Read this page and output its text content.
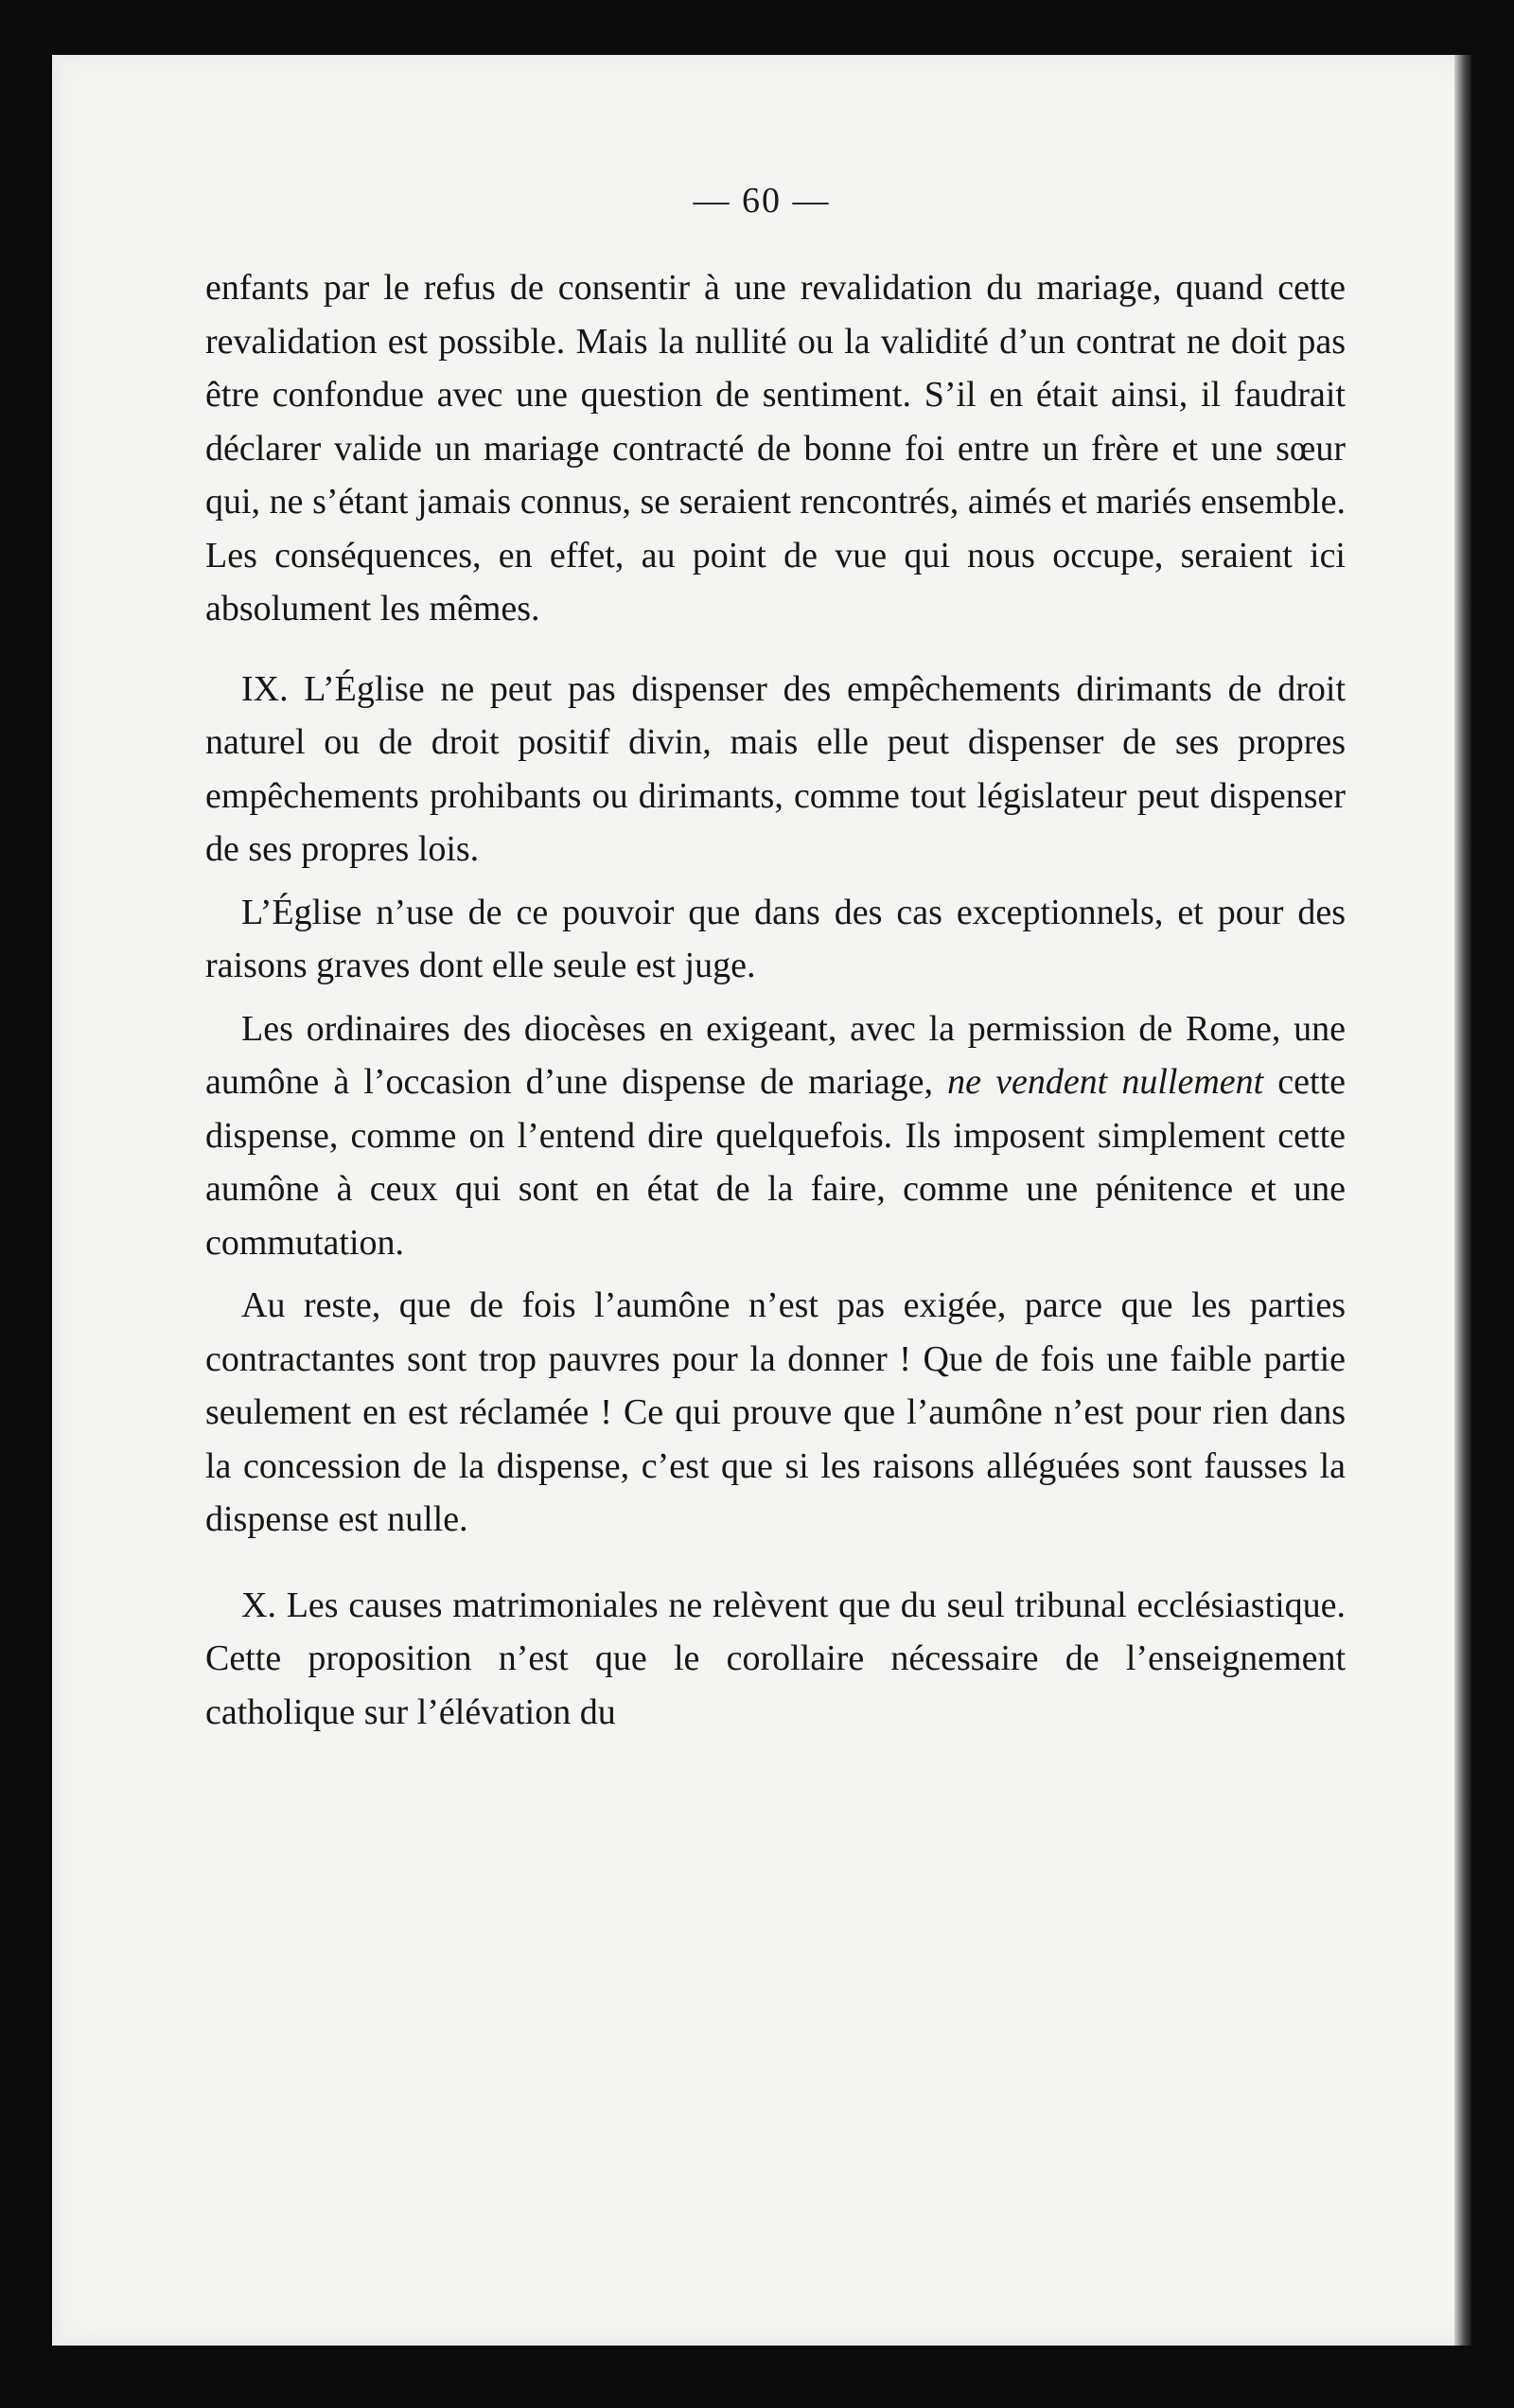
— 60 —

enfants par le refus de consentir à une revalidation du mariage, quand cette revalidation est possible. Mais la nullité ou la validité d’un contrat ne doit pas être confondue avec une question de sentiment. S’il en était ainsi, il faudrait déclarer valide un mariage contracté de bonne foi entre un frère et une sœur qui, ne s’étant jamais connus, se seraient rencontrés, aimés et mariés ensemble. Les conséquences, en effet, au point de vue qui nous occupe, seraient ici absolument les mêmes.

IX. L’Église ne peut pas dispenser des empêchements dirimants de droit naturel ou de droit positif divin, mais elle peut dispenser de ses propres empêchements prohibants ou dirimants, comme tout législateur peut dispenser de ses propres lois.

L’Église n’use de ce pouvoir que dans des cas exceptionnels, et pour des raisons graves dont elle seule est juge.

Les ordinaires des diocèses en exigeant, avec la permission de Rome, une aumône à l’occasion d’une dispense de mariage, ne vendent nullement cette dispense, comme on l’entend dire quelquefois. Ils imposent simplement cette aumône à ceux qui sont en état de la faire, comme une pénitence et une commutation.

Au reste, que de fois l’aumône n’est pas exigée, parce que les parties contractantes sont trop pauvres pour la donner ! Que de fois une faible partie seulement en est réclamée ! Ce qui prouve que l’aumône n’est pour rien dans la concession de la dispense, c’est que si les raisons alléguées sont fausses la dispense est nulle.

X. Les causes matrimoniales ne relèvent que du seul tribunal ecclésiastique. Cette proposition n’est que le corollaire nécessaire de l’enseignement catholique sur l’élévation du
